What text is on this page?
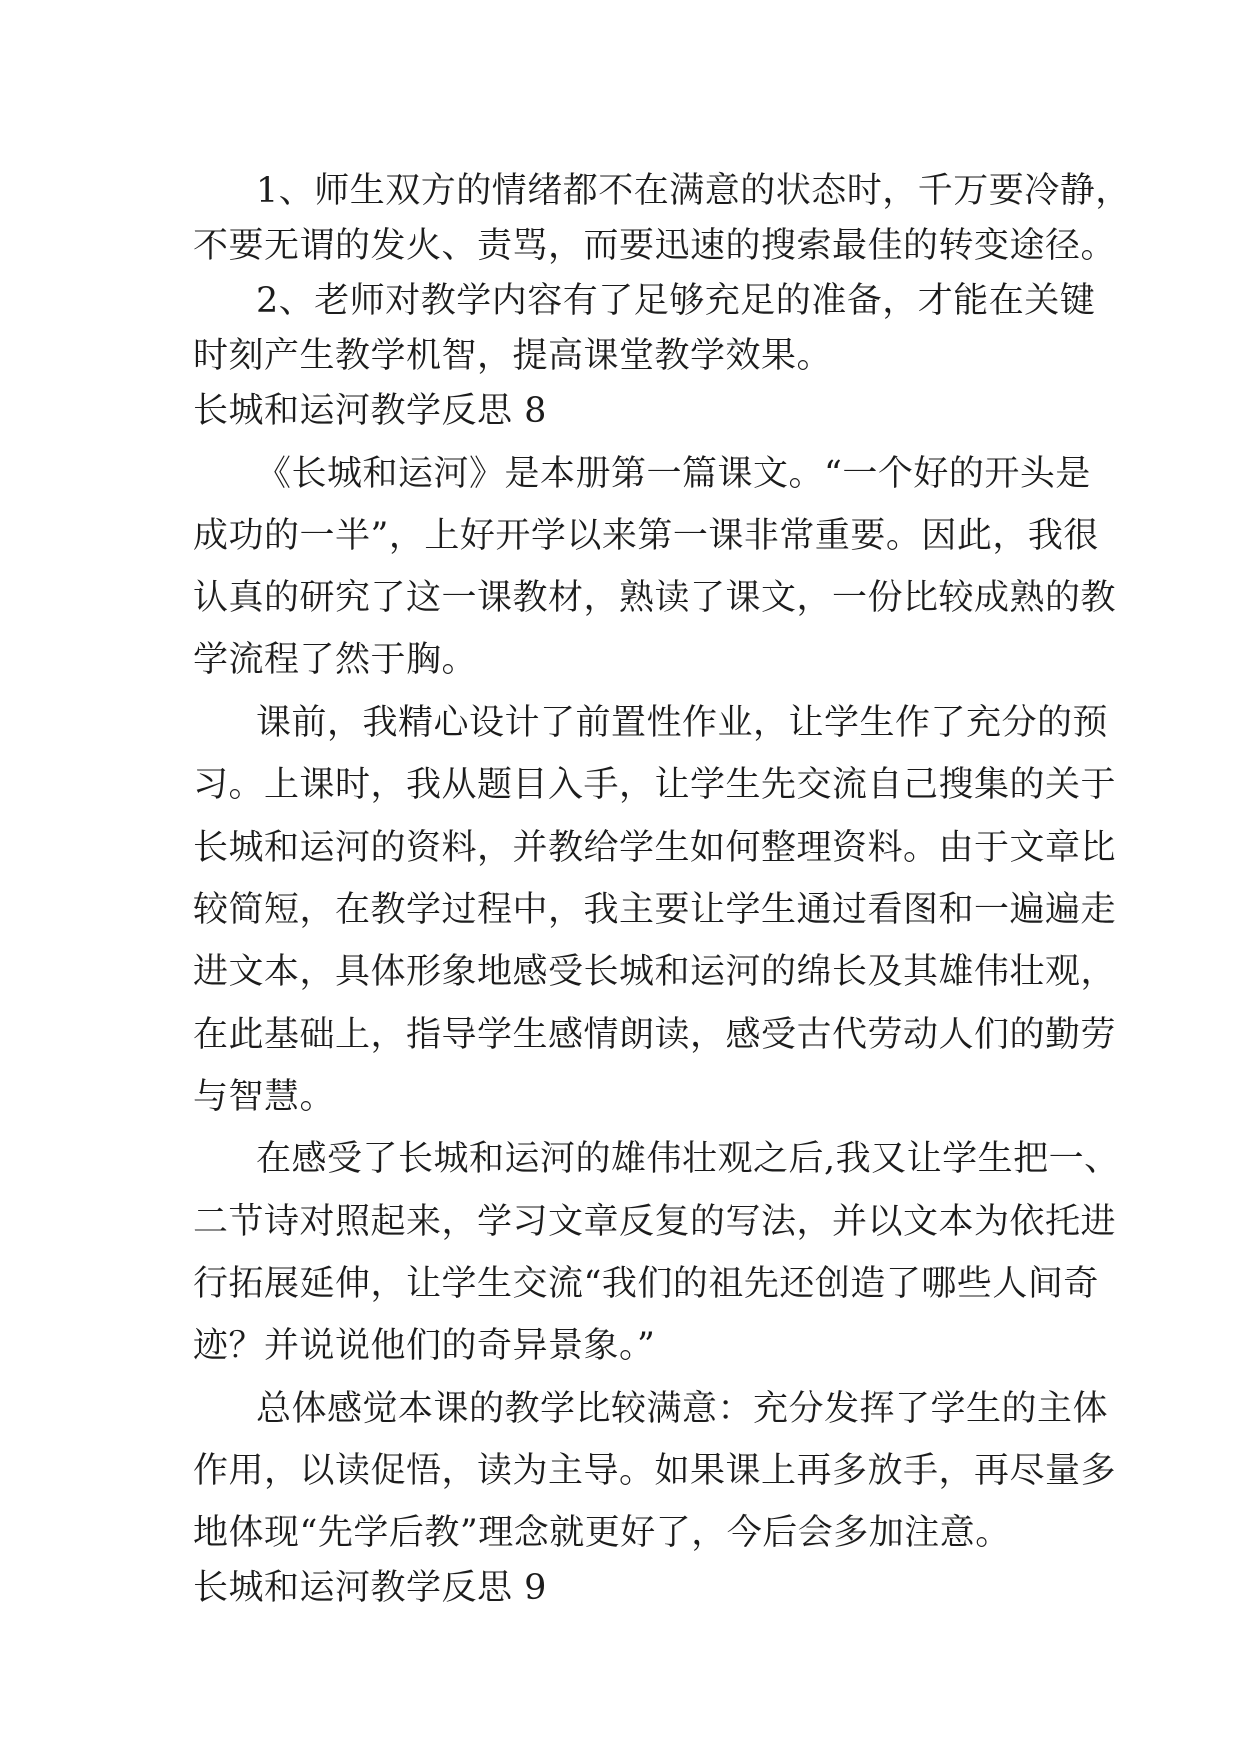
1、师生双方的情绪都不在满意的状态时，千万要冷静，

不要无谓的发火、责骂，而要迅速的搜索最佳的转变途径。

2、老师对教学内容有了足够充足的准备，才能在关键

时刻产生教学机智，提高课堂教学效果。

长城和运河教学反思 8

《长城和运河》是本册第一篇课文。“一个好的开头是

成功的一半”，上好开学以来第一课非常重要。因此，我很

认真的研究了这一课教材，熟读了课文，一份比较成熟的教

学流程了然于胸。

课前，我精心设计了前置性作业，让学生作了充分的预

习。上课时，我从题目入手，让学生先交流自己搜集的关于

长城和运河的资料，并教给学生如何整理资料。由于文章比

较简短，在教学过程中，我主要让学生通过看图和一遍遍走

进文本，具体形象地感受长城和运河的绵长及其雄伟壮观，

在此基础上，指导学生感情朗读，感受古代劳动人们的勤劳

与智慧。

在感受了长城和运河的雄伟壮观之后,我又让学生把一、

二节诗对照起来，学习文章反复的写法，并以文本为依托进

行拓展延伸，让学生交流“我们的祖先还创造了哪些人间奇

迹？并说说他们的奇异景象。”

总体感觉本课的教学比较满意：充分发挥了学生的主体

作用，以读促悟，读为主导。如果课上再多放手，再尽量多

地体现“先学后教”理念就更好了，今后会多加注意。

长城和运河教学反思 9
